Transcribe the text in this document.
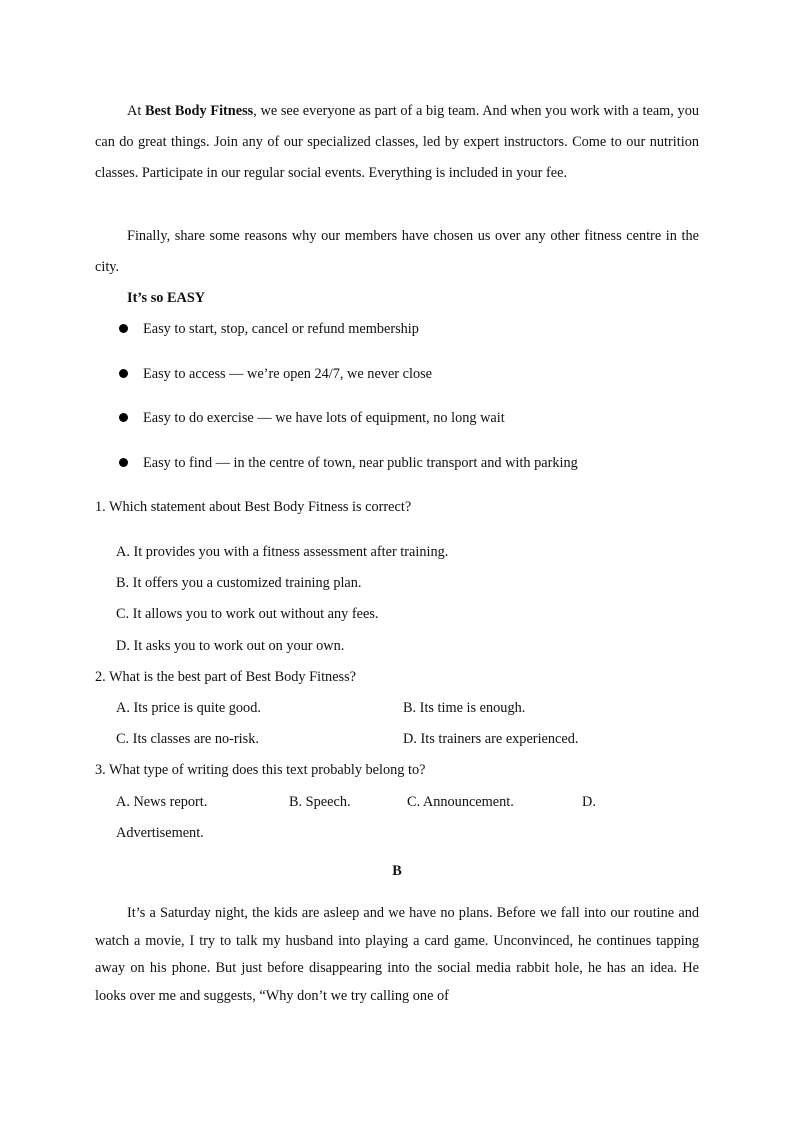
At Best Body Fitness, we see everyone as part of a big team. And when you work with a team, you can do great things. Join any of our specialized classes, led by expert instructors. Come to our nutrition classes. Participate in our regular social events. Everything is included in your fee.

Finally, share some reasons why our members have chosen us over any other fitness centre in the city.

It’s so EASY
Easy to start, stop, cancel or refund membership
Easy to access — we’re open 24/7, we never close
Easy to do exercise — we have lots of equipment, no long wait
Easy to find — in the centre of town, near public transport and with parking
1. Which statement about Best Body Fitness is correct?
A. It provides you with a fitness assessment after training.
B. It offers you a customized training plan.
C. It allows you to work out without any fees.
D. It asks you to work out on your own.
2. What is the best part of Best Body Fitness?
A. Its price is quite good.	B. Its time is enough.
C. Its classes are no-risk.	D. Its trainers are experienced.
3. What type of writing does this text probably belong to?
A. News report.	B. Speech.	C. Announcement.	D.
Advertisement.
B

It’s a Saturday night, the kids are asleep and we have no plans. Before we fall into our routine and watch a movie, I try to talk my husband into playing a card game. Unconvinced, he continues tapping away on his phone. But just before disappearing into the social media rabbit hole, he has an idea. He looks over me and suggests, “Why don’t we try calling one of
